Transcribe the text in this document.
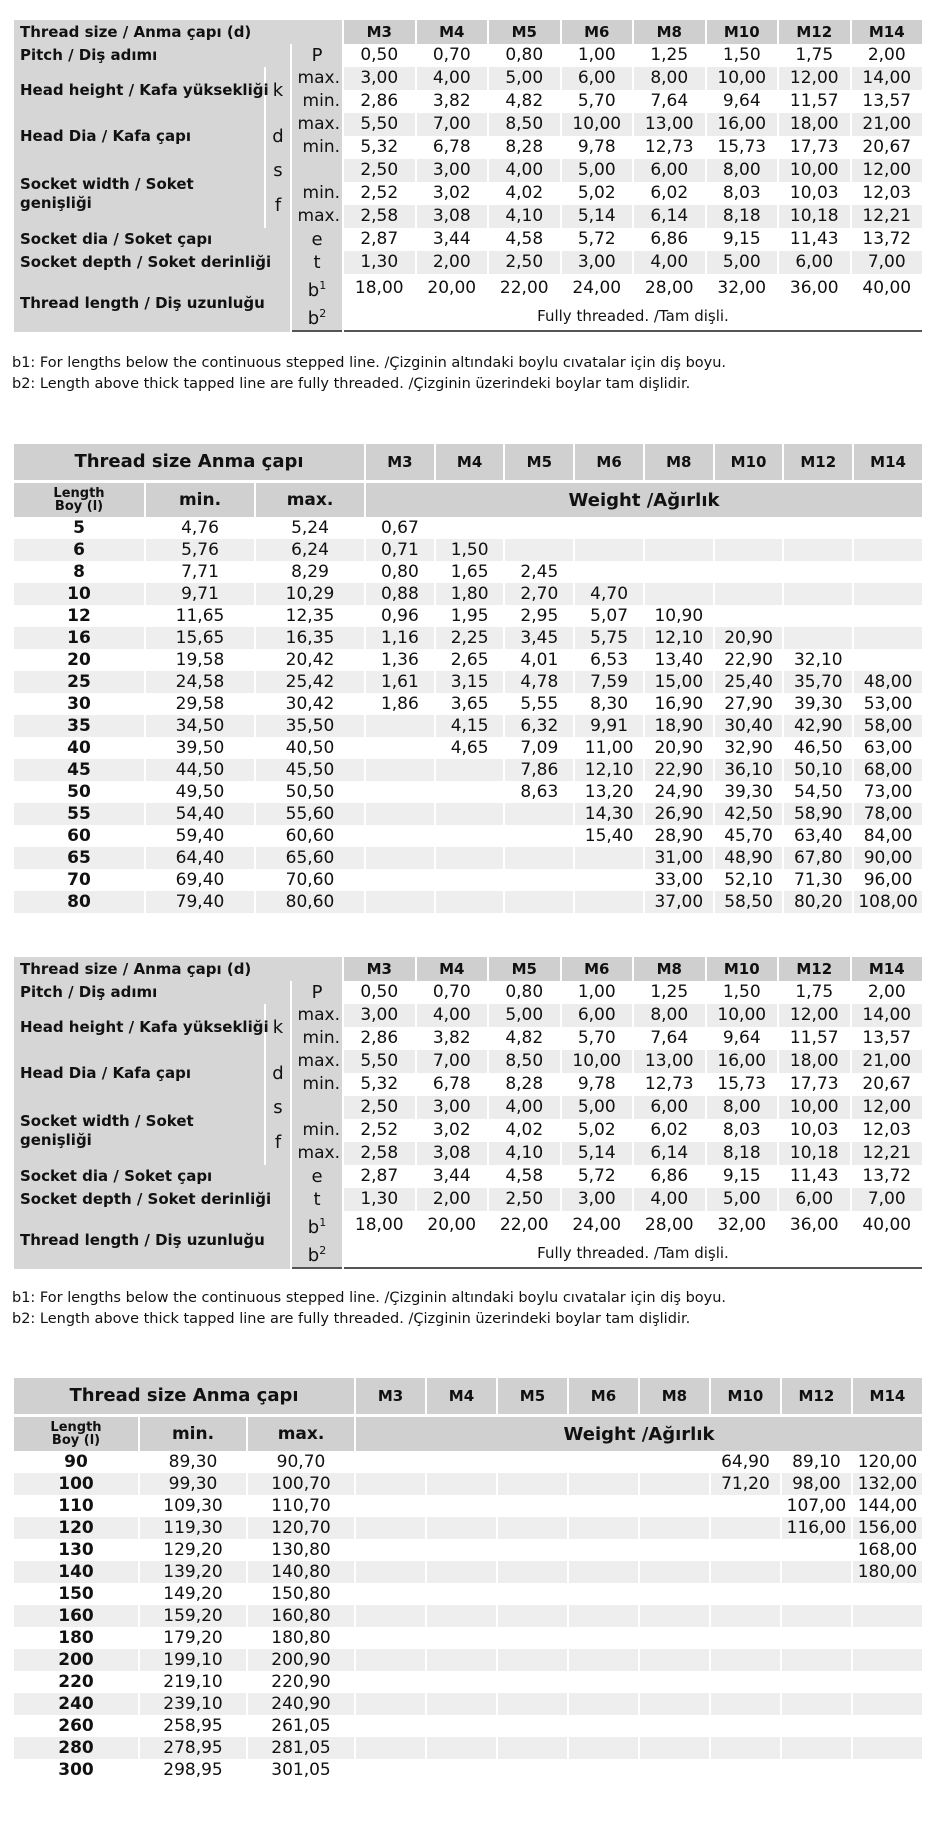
Thread size / Anma çapı (d)			M3	M4	M5	M6	M8	M10	M12	M14
Pitch / Diş adımı		P	0,50	0,70	0,80	1,00	1,25	1,50	1,75	2,00
Head height / Kafa yüksekliği	k	max.	3,00	4,00	5,00	6,00	8,00	10,00	12,00	14,00
		min.	2,86	3,82	4,82	5,70	7,64	9,64	11,57	13,57
Head Dia / Kafa çapı	d	max.	5,50	7,00	8,50	10,00	13,00	16,00	18,00	21,00
		min.	5,32	6,78	8,28	9,78	12,73	15,73	17,73	20,67
Socket width / Soket genişliği	s		2,50	3,00	4,00	5,00	6,00	8,00	10,00	12,00
	f	min.	2,52	3,02	4,02	5,02	6,02	8,03	10,03	12,03
		max.	2,58	3,08	4,10	5,14	6,14	8,18	10,18	12,21
Socket dia / Soket çapı		e	2,87	3,44	4,58	5,72	6,86	9,15	11,43	13,72
Socket depth / Soket derinliği		t	1,30	2,00	2,50	3,00	4,00	5,00	6,00	7,00
Thread length / Diş uzunluğu		$b^1$	18,00	20,00	22,00	24,00	28,00	32,00	36,00	40,00
		$b^2$	Fully threaded. /Tam dişli.							
b1: For lengths below the continuous stepped line. /Çizginin altındaki boylu cıvatalar için diş boyu.
b2: Length above thick tapped line are fully threaded. /Çizginin üzerindeki boylar tam dişlidir.
Thread size Anma çapı			M3	M4	M5	M6	M8	M10	M12	M14

Length
Boy (l)	min.	max.	Weight /Ağırlık							
5	4,76	5,24	0,67							
6	5,76	6,24	0,71	1,50						
8	7,71	8,29	0,80	1,65	2,45					
10	9,71	10,29	0,88	1,80	2,70	4,70				
12	11,65	12,35	0,96	1,95	2,95	5,07	10,90			
16	15,65	16,35	1,16	2,25	3,45	5,75	12,10	20,90		
20	19,58	20,42	1,36	2,65	4,01	6,53	13,40	22,90	32,10	
25	24,58	25,42	1,61	3,15	4,78	7,59	15,00	25,40	35,70	48,00
30	29,58	30,42	1,86	3,65	5,55	8,30	16,90	27,90	39,30	53,00
35	34,50	35,50		4,15	6,32	9,91	18,90	30,40	42,90	58,00
40	39,50	40,50		4,65	7,09	11,00	20,90	32,90	46,50	63,00
45	44,50	45,50			7,86	12,10	22,90	36,10	50,10	68,00
50	49,50	50,50			8,63	13,20	24,90	39,30	54,50	73,00
55	54,40	55,60				14,30	26,90	42,50	58,90	78,00
60	59,40	60,60				15,40	28,90	45,70	63,40	84,00
65	64,40	65,60					31,00	48,90	67,80	90,00
70	69,40	70,60					33,00	52,10	71,30	96,00
80	79,40	80,60					37,00	58,50	80,20	108,00
Thread size / Anma çapı (d)			M3	M4	M5	M6	M8	M10	M12	M14
Pitch / Diş adımı		P	0,50	0,70	0,80	1,00	1,25	1,50	1,75	2,00
Head height / Kafa yüksekliği	k	max.	3,00	4,00	5,00	6,00	8,00	10,00	12,00	14,00
		min.	2,86	3,82	4,82	5,70	7,64	9,64	11,57	13,57
Head Dia / Kafa çapı	d	max.	5,50	7,00	8,50	10,00	13,00	16,00	18,00	21,00
		min.	5,32	6,78	8,28	9,78	12,73	15,73	17,73	20,67
Socket width / Soket genişliği	s		2,50	3,00	4,00	5,00	6,00	8,00	10,00	12,00
	f	min.	2,52	3,02	4,02	5,02	6,02	8,03	10,03	12,03
		max.	2,58	3,08	4,10	5,14	6,14	8,18	10,18	12,21
Socket dia / Soket çapı		e	2,87	3,44	4,58	5,72	6,86	9,15	11,43	13,72
Socket depth / Soket derinliği		t	1,30	2,00	2,50	3,00	4,00	5,00	6,00	7,00
Thread length / Diş uzunluğu		$b^1$	18,00	20,00	22,00	24,00	28,00	32,00	36,00	40,00
		$b^2$	Fully threaded. /Tam dişli.							
b1: For lengths below the continuous stepped line. /Çizginin altındaki boylu cıvatalar için diş boyu.
b2: Length above thick tapped line are fully threaded. /Çizginin üzerindeki boylar tam dişlidir.
Thread size Anma çapı			M3	M4	M5	M6	M8	M10	M12	M14

Length
Boy (l)	min.	max.	Weight /Ağırlık							
90	89,30	90,70						64,90	89,10	120,00
100	99,30	100,70						71,20	98,00	132,00
110	109,30	110,70							107,00	144,00
120	119,30	120,70							116,00	156,00
130	129,20	130,80								168,00
140	139,20	140,80								180,00
150	149,20	150,80								
160	159,20	160,80								
180	179,20	180,80								
200	199,10	200,90								
220	219,10	220,90								
240	239,10	240,90								
260	258,95	261,05								
280	278,95	281,05								
300	298,95	301,05								
